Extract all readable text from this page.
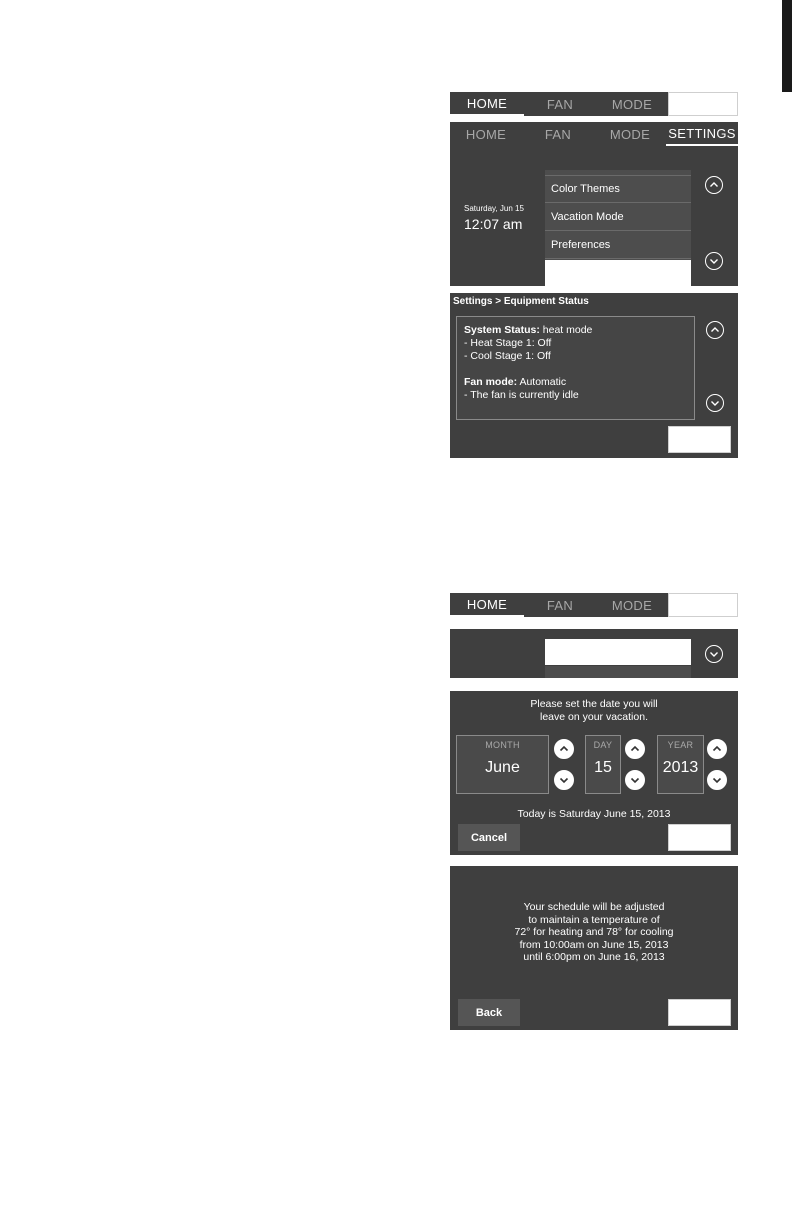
HOME	FAN	MODE
HOME	FAN	MODE	SETTINGS
Saturday, Jun 15
12:07 am
Color Themes
Vacation Mode
Preferences
Settings > Equipment Status
System Status: heat mode
- Heat Stage 1: Off
- Cool Stage 1: Off
Fan mode: Automatic
- The fan is currently idle
HOME	FAN	MODE
Please set the date you will
leave on your vacation.
MONTH
June
DAY
15
YEAR
2013
Today is Saturday June 15, 2013
Cancel
Your schedule will be adjusted
to maintain a temperature of
72° for heating and 78° for cooling
from 10:00am on June 15, 2013
until 6:00pm on June 16, 2013
Back
